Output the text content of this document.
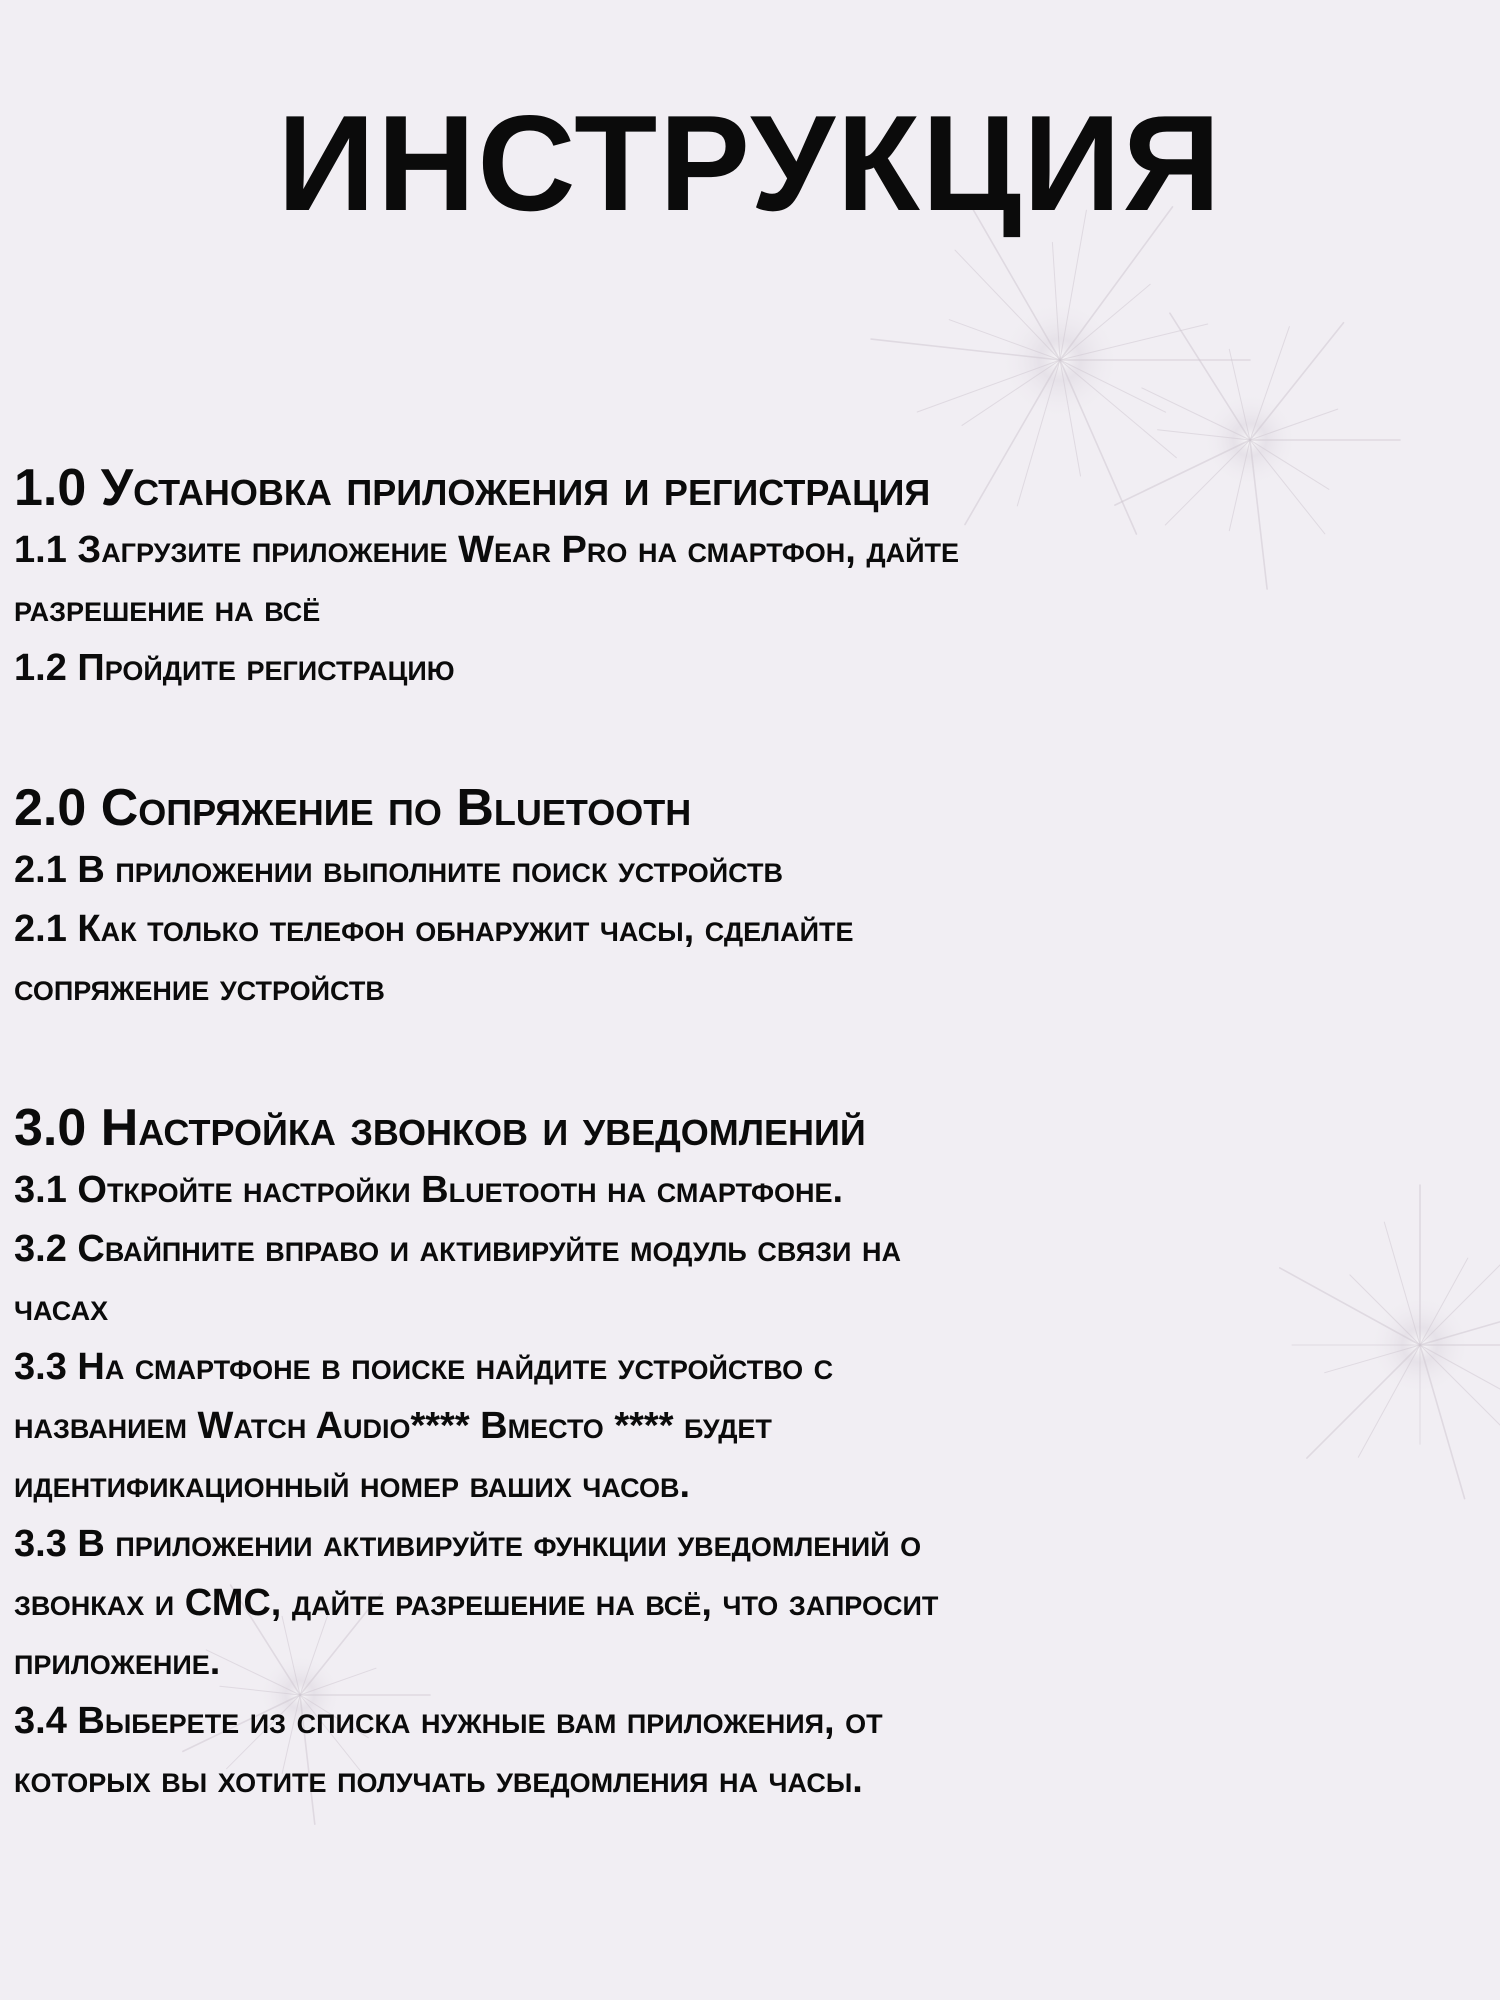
ИНСТРУКЦИЯ
1.0 Установка приложения и регистрация
1.1 Загрузите приложение Wear Pro на смартфон, дайте
разрешение на всё
1.2 Пройдите регистрацию
2.0 Сопряжение по Bluetooth
2.1 В приложении выполните поиск устройств
2.1 Как только телефон обнаружит часы, сделайте
сопряжение устройств
3.0 Настройка звонков и уведомлений
3.1 Откройте настройки Bluetooth на смартфоне.
3.2 Свайпните вправо и активируйте модуль связи на
часах
3.3 На смартфоне в поиске найдите устройство с
названием Watch Audio**** Вместо **** будет
идентификационный номер ваших часов.
3.3 В приложении активируйте функции уведомлений о
звонках и СМС, дайте разрешение на всё, что запросит
приложение.
3.4 Выберете из списка нужные вам приложения, от
которых вы хотите получать уведомления на часы.
